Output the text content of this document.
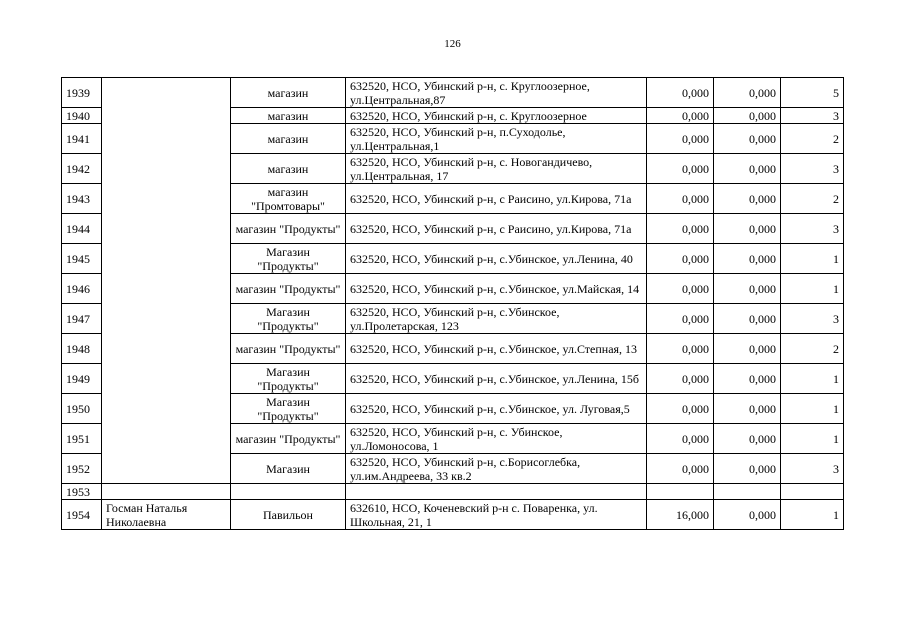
126
1939		магазин	632520, НСО, Убинский р-н, с. Круглоозерное, ул.Центральная,87	0,000	0,000	5
1940		магазин	632520, НСО, Убинский р-н, с. Круглоозерное	0,000	0,000	3
1941		магазин	632520, НСО, Убинский р-н, п.Суходолье, ул.Центральная,1	0,000	0,000	2
1942		магазин	632520, НСО, Убинский р-н, с. Новогандичево, ул.Центральная, 17	0,000	0,000	3
1943		магазин "Промтовары"	632520, НСО, Убинский р-н, с Раисино, ул.Кирова, 71а	0,000	0,000	2
1944		магазин "Продукты"	632520, НСО, Убинский р-н, с Раисино, ул.Кирова, 71а	0,000	0,000	3
1945		Магазин "Продукты"	632520, НСО, Убинский р-н, с.Убинское, ул.Ленина, 40	0,000	0,000	1
1946		магазин "Продукты"	632520, НСО, Убинский р-н, с.Убинское, ул.Майская, 14	0,000	0,000	1
1947		Магазин "Продукты"	632520, НСО, Убинский р-н, с.Убинское, ул.Пролетарская, 123	0,000	0,000	3
1948		магазин "Продукты"	632520, НСО, Убинский р-н, с.Убинское, ул.Степная, 13	0,000	0,000	2
1949		Магазин "Продукты"	632520, НСО, Убинский р-н, с.Убинское, ул.Ленина, 15б	0,000	0,000	1
1950		Магазин "Продукты"	632520, НСО, Убинский р-н, с.Убинское, ул. Луговая,5	0,000	0,000	1
1951		магазин "Продукты"	632520, НСО, Убинский р-н, с. Убинское, ул.Ломоносова, 1	0,000	0,000	1
1952		Магазин	632520, НСО, Убинский р-н, с.Борисоглебка, ул.им.Андреева, 33 кв.2	0,000	0,000	3
1953						
1954	Госман Наталья Николаевна	Павильон	632610, НСО, Коченевский р-н с. Поваренка, ул. Школьная, 21, 1	16,000	0,000	1
